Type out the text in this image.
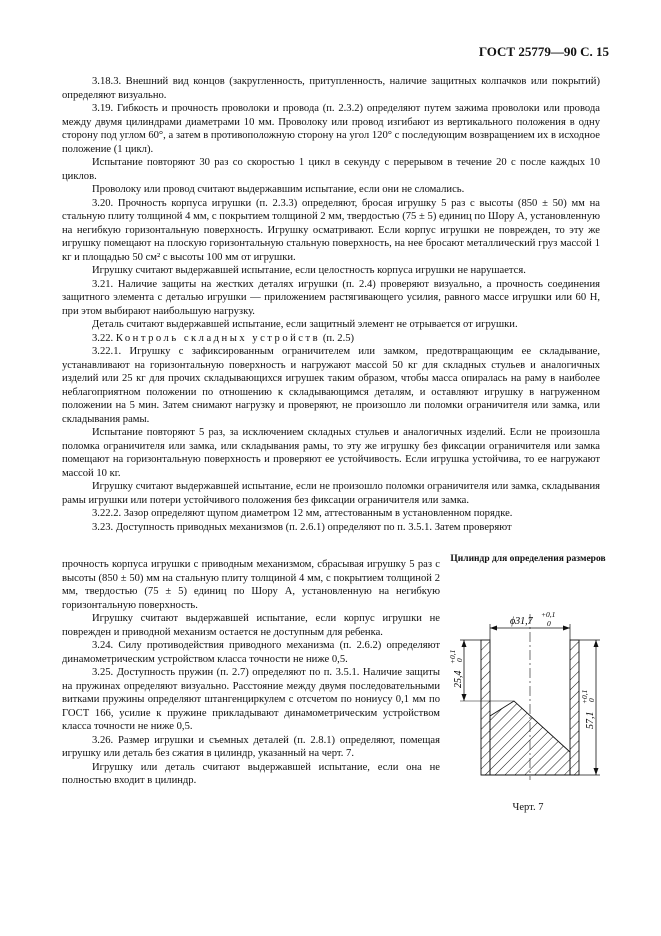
ГОСТ 25779—90 С. 15

3.18.3. Внешний вид концов (закругленность, притупленность, наличие защитных колпачков или покрытий) определяют визуально.

3.19. Гибкость и прочность проволоки и провода (п. 2.3.2) определяют путем зажима проволоки или провода между двумя цилиндрами диаметрами 10 мм. Проволоку или провод изгибают из вертикального положения в одну сторону под углом 60°, а затем в противоположную сторону на угол 120° с последующим возвращением их в исходное положение (1 цикл).

Испытание повторяют 30 раз со скоростью 1 цикл в секунду с перерывом в течение 20 с после каждых 10 циклов.

Проволоку или провод считают выдержавшим испытание, если они не сломались.

3.20. Прочность корпуса игрушки (п. 2.3.3) определяют, бросая игрушку 5 раз с высоты (850 ± 50) мм на стальную плиту толщиной 4 мм, с покрытием толщиной 2 мм, твердостью (75 ± 5) единиц по Шору А, установленную на негибкую горизонтальную поверхность. Игрушку осматривают. Если корпус игрушки не поврежден, то эту же игрушку помещают на плоскую горизонтальную стальную поверхность, на нее бросают металлический груз массой 1 кг и площадью 50 см² с высоты 100 мм от игрушки.

Игрушку считают выдержавшей испытание, если целостность корпуса игрушки не нарушается.

3.21. Наличие защиты на жестких деталях игрушки (п. 2.4) проверяют визуально, а прочность соединения защитного элемента с деталью игрушки — приложением растягивающего усилия, равного массе игрушки или 60 Н, при этом выбирают наибольшую нагрузку.

Деталь считают выдержавшей испытание, если защитный элемент не отрывается от игрушки.

3.22. Контроль складных устройств (п. 2.5)

3.22.1. Игрушку с зафиксированным ограничителем или замком, предотвращающим ее складывание, устанавливают на горизонтальную поверхность и нагружают массой 50 кг для складных стульев и аналогичных изделий или 25 кг для прочих складывающихся игрушек таким образом, чтобы масса опиралась на раму в наиболее неблагоприятном положении по отношению к складывающимся деталям, и оставляют игрушку в нагруженном положении на 5 мин. Затем снимают нагрузку и проверяют, не произошло ли поломки ограничителя или замка, или складывания рамы.

Испытание повторяют 5 раз, за исключением складных стульев и аналогичных изделий. Если не произошла поломка ограничителя или замка, или складывания рамы, то эту же игрушку без фиксации ограничителя или замка помещают на горизонтальную поверхность и проверяют ее устойчивость. Если игрушка устойчива, то ее нагружают массой 10 кг.

Игрушку считают выдержавшей испытание, если не произошло поломки ограничителя или замка, складывания рамы игрушки или потери устойчивого положения без фиксации ограничителя или замка.

3.22.2. Зазор определяют щупом диаметром 12 мм, аттестованным в установленном порядке.

3.23. Доступность приводных механизмов (п. 2.6.1) определяют по п. 3.5.1. Затем проверяют

прочность корпуса игрушки с приводным механизмом, сбрасывая игрушку 5 раз с высоты (850 ± 50) мм на стальную плиту толщиной 4 мм, с покрытием толщиной 2 мм, твердостью (75 ± 5) единиц по Шору А, установленную на негибкую горизонтальную поверхность.

Игрушку считают выдержавшей испытание, если корпус игрушки не поврежден и приводной механизм остается не доступным для ребенка.

3.24. Силу противодействия приводного механизма (п. 2.6.2) определяют динамометрическим устройством класса точности не ниже 0,5.

3.25. Доступность пружин (п. 2.7) определяют по п. 3.5.1. Наличие защиты на пружинах определяют визуально. Расстояние между двумя последовательными витками пружины определяют штангенциркулем с отсчетом по нониусу 0,1 мм по ГОСТ 166, усилие к пружине прикладывают динамометрическим устройством класса точности не ниже 0,5.

3.26. Размер игрушки и съемных деталей (п. 2.8.1) определяют, помещая игрушку или деталь без сжатия в цилиндр, указанный на черт. 7.

Игрушку или деталь считают выдержавшей испытание, если она не полностью входит в цилиндр.

Цилиндр для определения размеров
ϕ31,7
+0,1
0
25,4
+0,1
0
57,1
+0,1
0
Черт. 7
